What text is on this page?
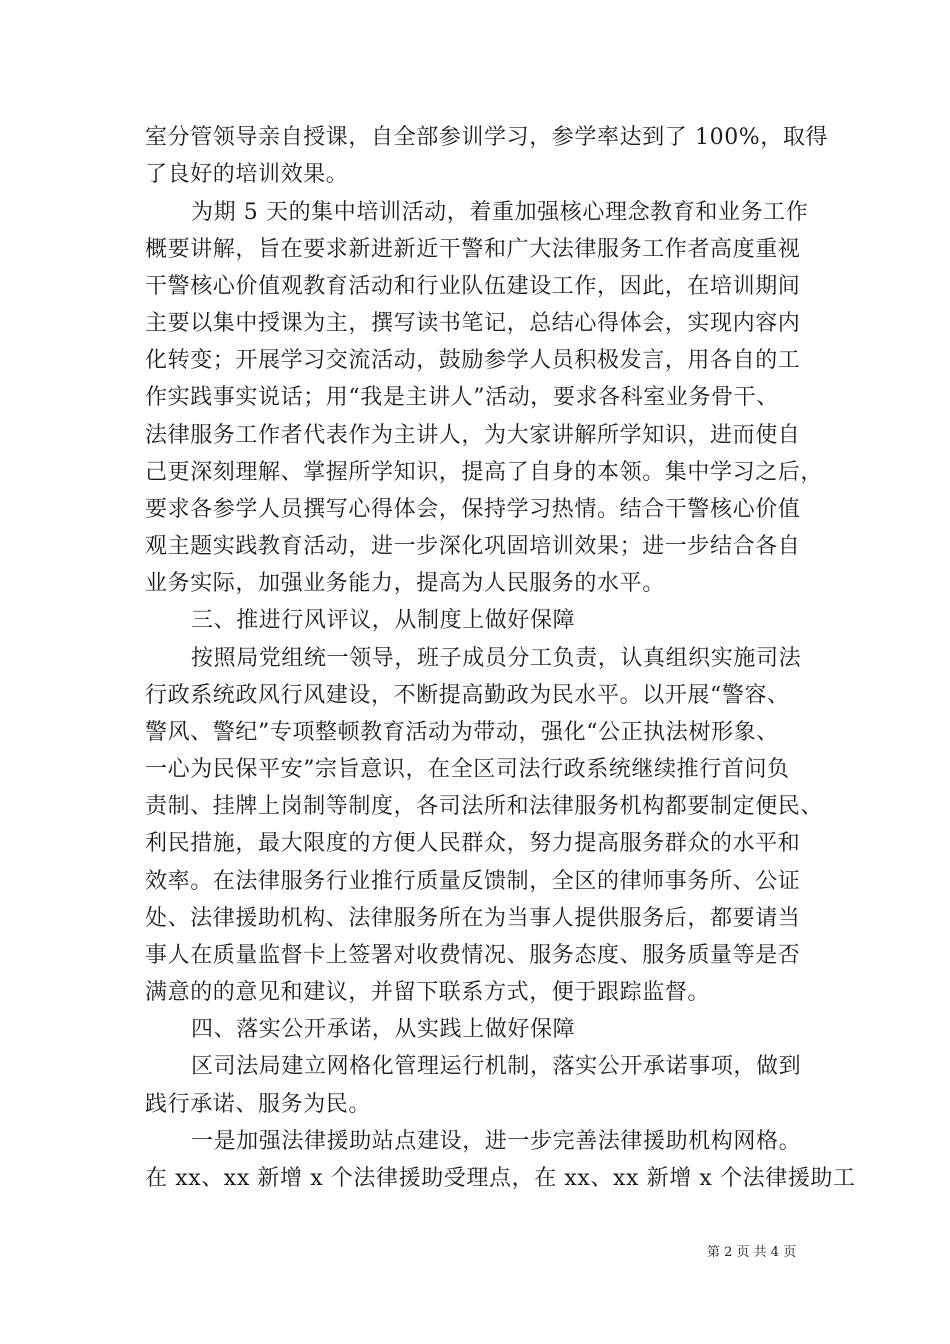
室分管领导亲自授课，自全部参训学习，参学率达到了 100%，取得
了良好的培训效果。
为期 5 天的集中培训活动，着重加强核心理念教育和业务工作
概要讲解，旨在要求新进新近干警和广大法律服务工作者高度重视
干警核心价值观教育活动和行业队伍建设工作，因此，在培训期间
主要以集中授课为主，撰写读书笔记，总结心得体会，实现内容内
化转变；开展学习交流活动，鼓励参学人员积极发言，用各自的工
作实践事实说话；用“我是主讲人”活动，要求各科室业务骨干、
法律服务工作者代表作为主讲人，为大家讲解所学知识，进而使自
己更深刻理解、掌握所学知识，提高了自身的本领。集中学习之后，
要求各参学人员撰写心得体会，保持学习热情。结合干警核心价值
观主题实践教育活动，进一步深化巩固培训效果；进一步结合各自
业务实际，加强业务能力，提高为人民服务的水平。
三、推进行风评议，从制度上做好保障
按照局党组统一领导，班子成员分工负责，认真组织实施司法
行政系统政风行风建设，不断提高勤政为民水平。以开展“警容、
警风、警纪”专项整顿教育活动为带动，强化“公正执法树形象、
一心为民保平安”宗旨意识，在全区司法行政系统继续推行首问负
责制、挂牌上岗制等制度，各司法所和法律服务机构都要制定便民、
利民措施，最大限度的方便人民群众，努力提高服务群众的水平和
效率。在法律服务行业推行质量反馈制，全区的律师事务所、公证
处、法律援助机构、法律服务所在为当事人提供服务后，都要请当
事人在质量监督卡上签署对收费情况、服务态度、服务质量等是否
满意的的意见和建议，并留下联系方式，便于跟踪监督。
四、落实公开承诺，从实践上做好保障
区司法局建立网格化管理运行机制，落实公开承诺事项，做到
践行承诺、服务为民。
一是加强法律援助站点建设，进一步完善法律援助机构网格。
在 xx、xx 新增 x 个法律援助受理点，在 xx、xx 新增 x 个法律援助工
第 2 页 共 4 页
